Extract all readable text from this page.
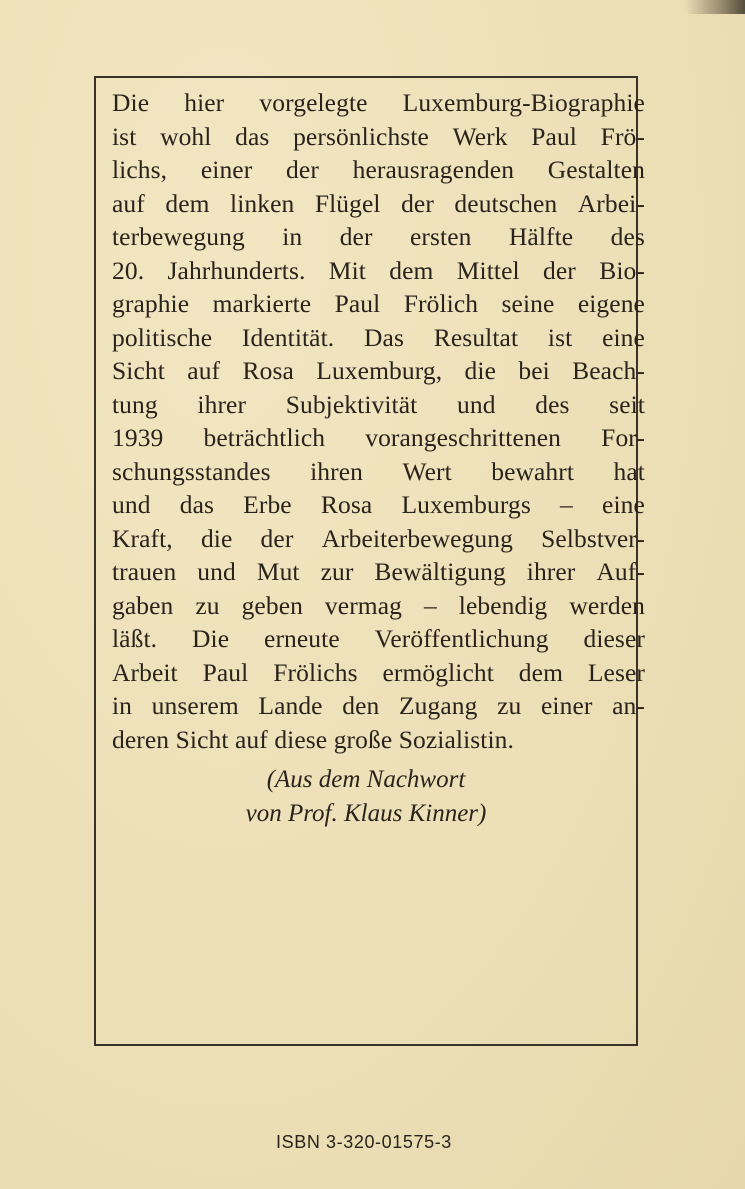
Die hier vorgelegte Luxemburg-Biographie
ist wohl das persönlichste Werk Paul Frö-
lichs, einer der herausragenden Gestalten
auf dem linken Flügel der deutschen Arbei-
terbewegung in der ersten Hälfte des
20. Jahrhunderts. Mit dem Mittel der Bio-
graphie markierte Paul Frölich seine eigene
politische Identität. Das Resultat ist eine
Sicht auf Rosa Luxemburg, die bei Beach-
tung ihrer Subjektivität und des seit
1939 beträchtlich vorangeschrittenen For-
schungsstandes ihren Wert bewahrt hat
und das Erbe Rosa Luxemburgs – eine
Kraft, die der Arbeiterbewegung Selbstver-
trauen und Mut zur Bewältigung ihrer Auf-
gaben zu geben vermag – lebendig werden
läßt. Die erneute Veröffentlichung dieser
Arbeit Paul Frölichs ermöglicht dem Leser
in unserem Lande den Zugang zu einer an-
deren Sicht auf diese große Sozialistin.
(Aus dem Nachwort
von Prof. Klaus Kinner)
ISBN 3-320-01575-3
